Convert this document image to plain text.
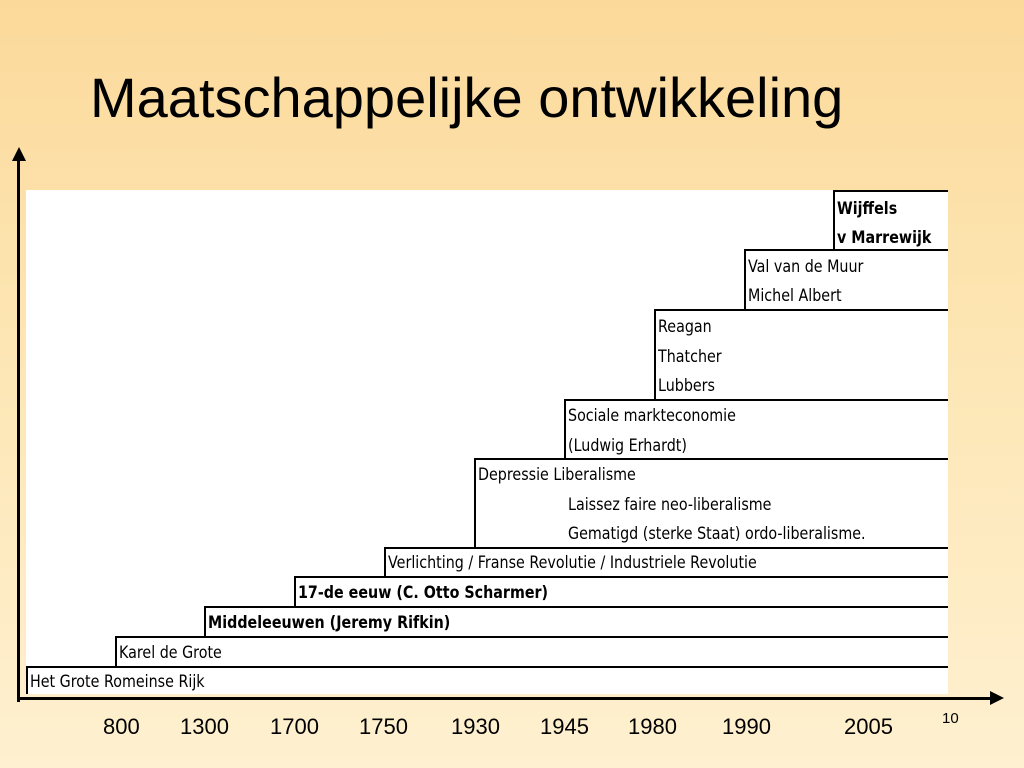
Maatschappelijke ontwikkeling
Het Grote Romeinse Rijk
Karel de Grote
Middeleeuwen (Jeremy Rifkin)
17-de eeuw (C. Otto Scharmer)
Verlichting / Franse Revolutie / Industriele Revolutie
Depressie Liberalisme
Laissez faire neo-liberalisme
Gematigd (sterke Staat) ordo-liberalisme.
Sociale markteconomie
(Ludwig Erhardt)
Reagan
Thatcher
Lubbers
Val van de Muur
Michel Albert
Wijffels
v Marrewijk
800 1300 1700 1750 1930 1945 1980 1990	2005	10
